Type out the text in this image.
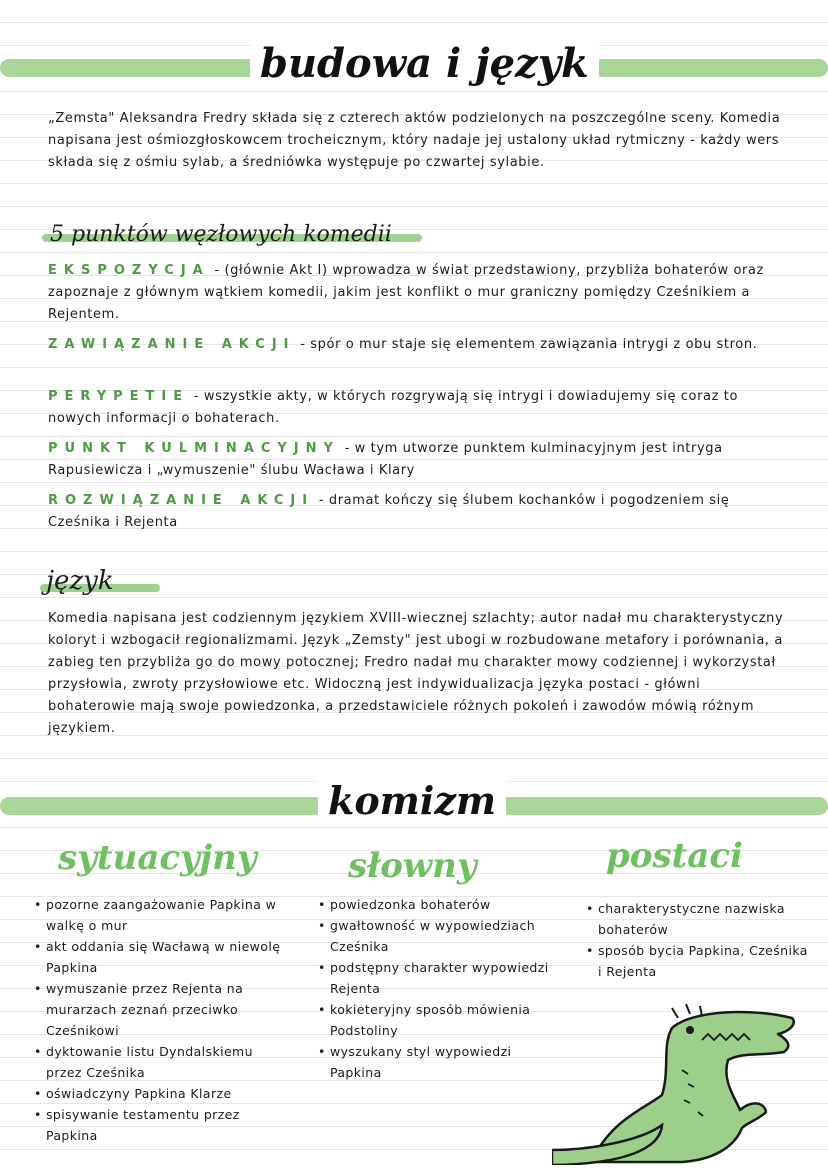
budowa i język
„Zemsta" Aleksandra Fredry składa się z czterech aktów podzielonych na poszczególne sceny. Komedia napisana jest ośmiozgłoskowcem trocheicznym, który nadaje jej ustalony układ rytmiczny - każdy wers składa się z ośmiu sylab, a średniówka występuje po czwartej sylabie.
5 punktów węzłowych komedii
EKSPOZYCJA - (głównie Akt I) wprowadza w świat przedstawiony, przybliża bohaterów oraz zapoznaje z głównym wątkiem komedii, jakim jest konflikt o mur graniczny pomiędzy Cześnikiem a Rejentem.
ZAWIĄZANIE AKCJI - spór o mur staje się elementem zawiązania intrygi z obu stron.
PERYPETIE - wszystkie akty, w których rozgrywają się intrygi i dowiadujemy się coraz to nowych informacji o bohaterach.
PUNKT KULMINACYJNY - w tym utworze punktem kulminacyjnym jest intryga Rapusiewicza i „wymuszenie" ślubu Wacława i Klary
ROZWIĄZANIE AKCJI - dramat kończy się ślubem kochanków i pogodzeniem się Cześnika i Rejenta
język
Komedia napisana jest codziennym językiem XVIII-wiecznej szlachty; autor nadał mu charakterystyczny koloryt i wzbogacił regionalizmami. Język „Zemsty" jest ubogi w rozbudowane metafory i porównania, a zabieg ten przybliża go do mowy potocznej; Fredro nadał mu charakter mowy codziennej i wykorzystał przysłowia, zwroty przysłowiowe etc. Widoczną jest indywidualizacja języka postaci - główni bohaterowie mają swoje powiedzonka, a przedstawiciele różnych pokoleń i zawodów mówią różnym językiem.
komizm
sytuacyjny
• pozorne zaangażowanie Papkina w walkę o mur
• akt oddania się Wacławą w niewolę Papkina
• wymuszanie przez Rejenta na murarzach zeznań przeciwko Cześnikowi
• dyktowanie listu Dyndalskiemu przez Cześnika
• oświadczyny Papkina Klarze
• spisywanie testamentu przez Papkina
słowny
• powiedzonka bohaterów
• gwałtowność w wypowiedziach Cześnika
• podstępny charakter wypowiedzi Rejenta
• kokieteryjny sposób mówienia Podstoliny
• wyszukany styl wypowiedzi Papkina
postaci
• charakterystyczne nazwiska bohaterów
• sposób bycia Papkina, Cześnika i Rejenta
